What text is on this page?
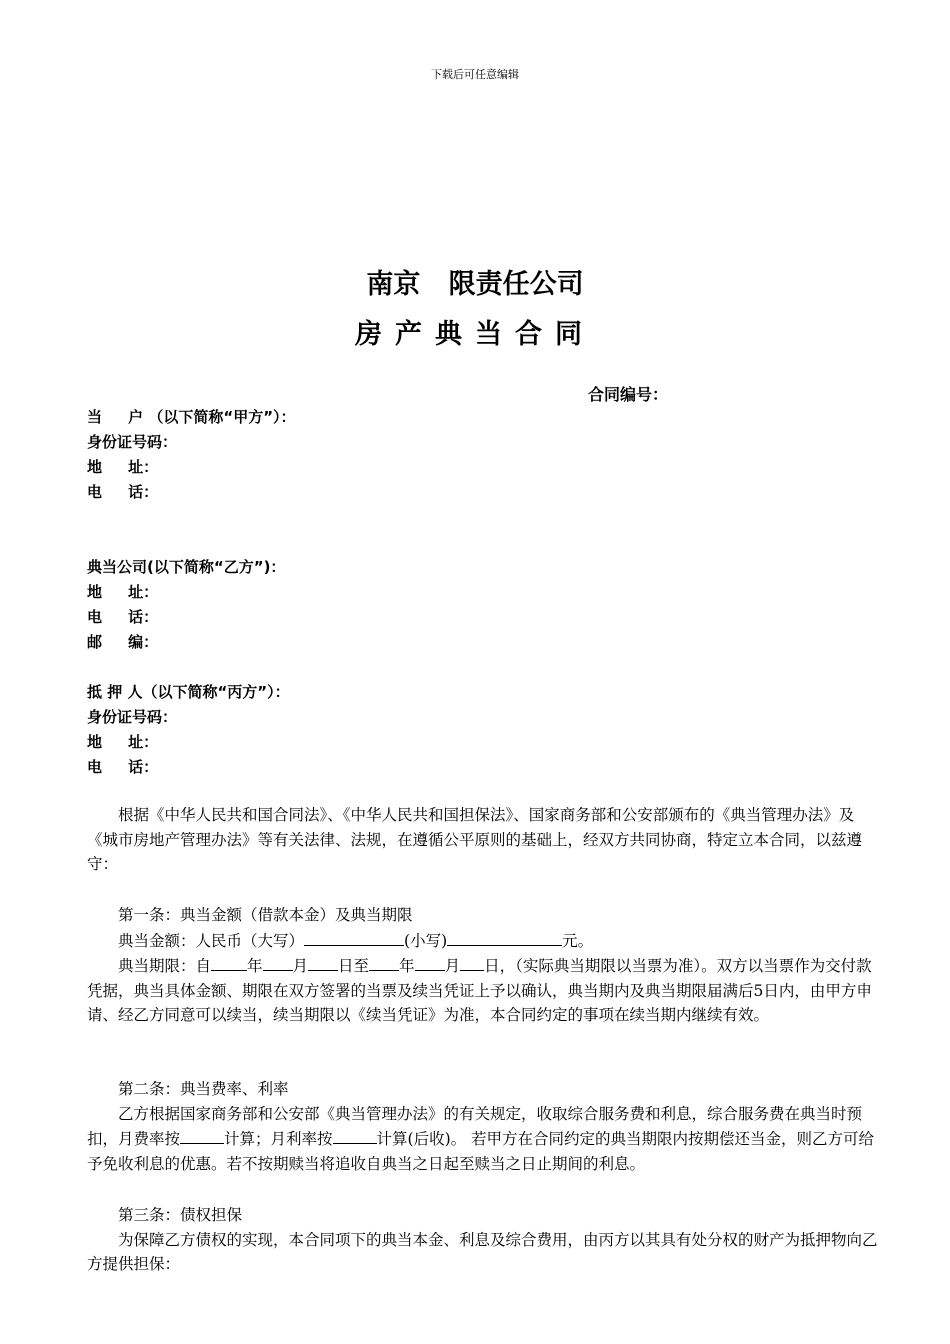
下载后可任意编辑
南京   限责任公司
房产典当合同
合同编号：
当     户 （以下简称“甲方”）：
身份证号码：
地     址：
电     话：
典当公司(以下简称“乙方”)：
地     址：
电     话：
邮     编：
抵 押 人（以下简称“丙方”）：
身份证号码：
地     址：
电     话：

根据《中华人民共和国合同法》、《中华人民共和国担保法》、国家商务部和公安部颁布的《典当管理办法》及《城市房地产管理办法》等有关法律、法规，在遵循公平原则的基础上，经双方共同协商，特定立本合同，以兹遵守：

第一条：典当金额（借款本金）及典当期限

典当金额：人民币（大写）	(小写)	元。

典当期限：自 年 月 日至 年 月 日，（实际典当期限以当票为准）。双方以当票作为交付款凭据，典当具体金额、期限在双方签署的当票及续当凭证上予以确认，典当期内及典当期限届满后5日内，由甲方申请、经乙方同意可以续当，续当期限以《续当凭证》为准，本合同约定的事项在续当期内继续有效。

第二条：典当费率、利率

乙方根据国家商务部和公安部《典当管理办法》的有关规定，收取综合服务费和利息，综合服务费在典当时预扣，月费率按	计算；月利率按	计算(后收)。 若甲方在合同约定的典当期限内按期偿还当金，则乙方可给予免收利息的优惠。若不按期赎当将追收自典当之日起至赎当之日止期间的利息。

第三条：债权担保

为保障乙方债权的实现，本合同项下的典当本金、利息及综合费用，由丙方以其具有处分权的财产为抵押物向乙方提供担保：
